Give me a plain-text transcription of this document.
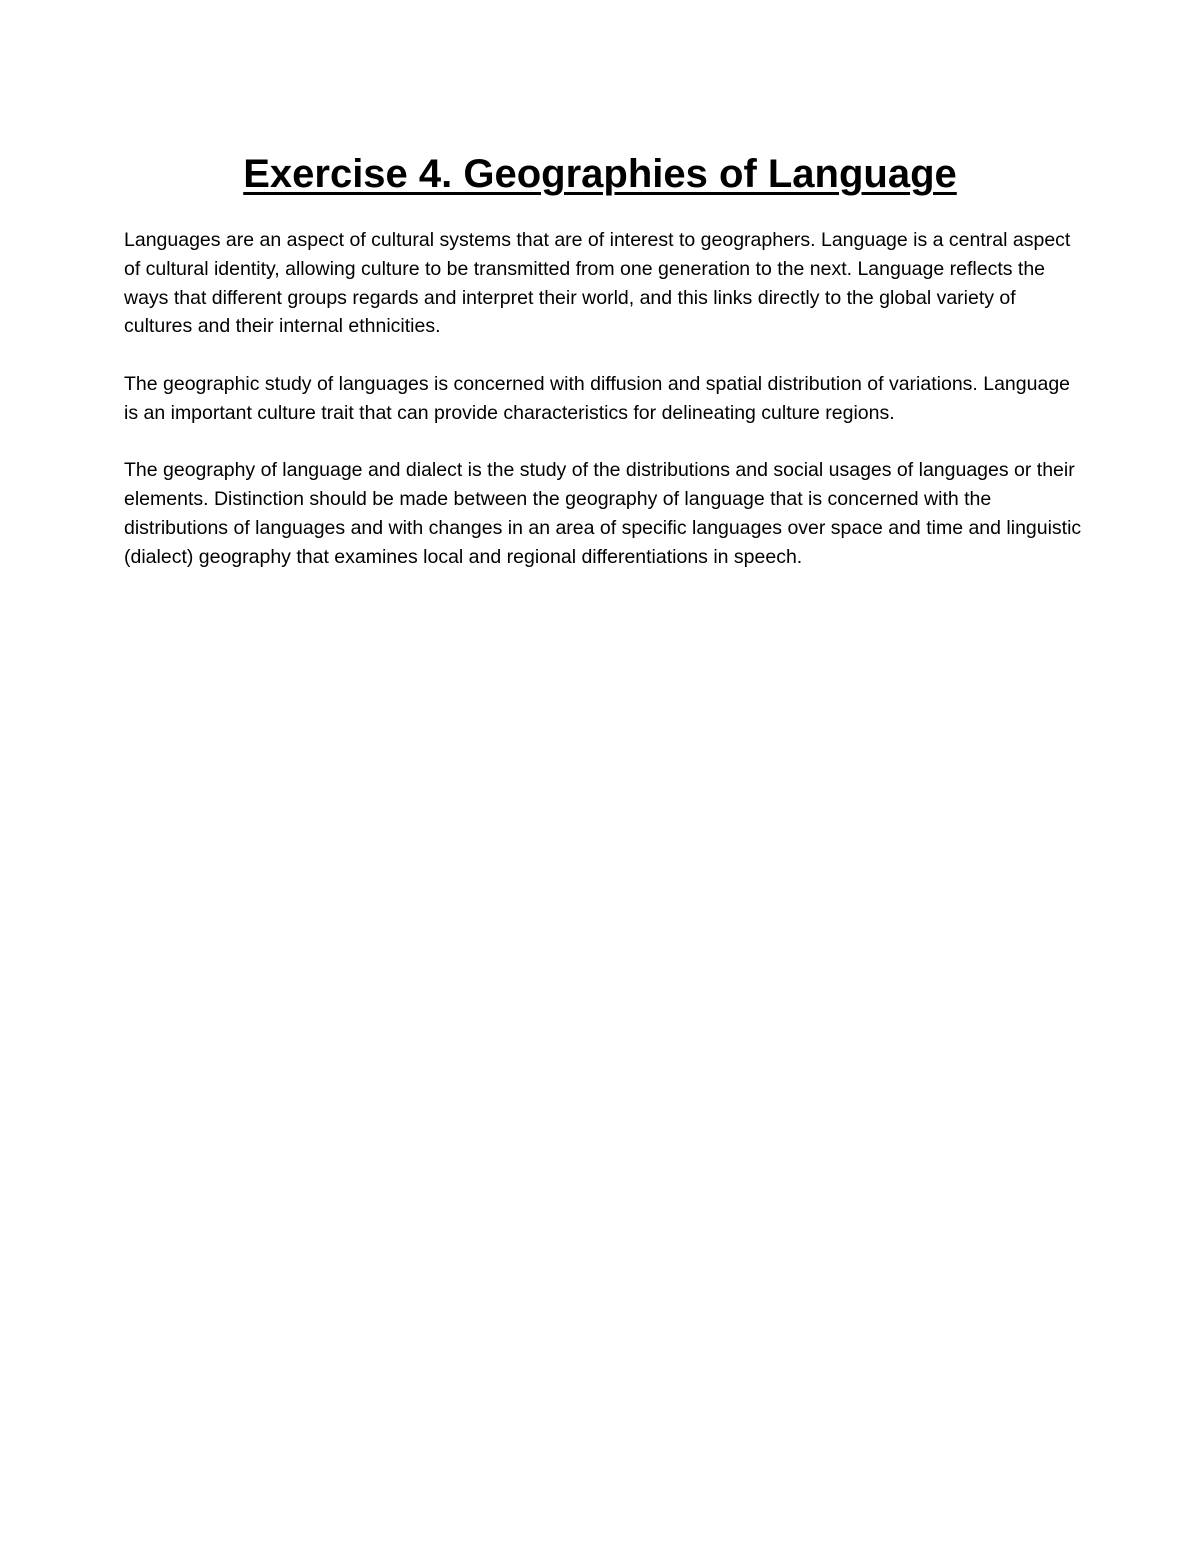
Exercise 4. Geographies of Language

Languages are an aspect of cultural systems that are of interest to geographers. Language is a central aspect of cultural identity, allowing culture to be transmitted from one generation to the next. Language reflects the ways that different groups regards and interpret their world, and this links directly to the global variety of cultures and their internal ethnicities.

The geographic study of languages is concerned with diffusion and spatial distribution of variations. Language is an important culture trait that can provide characteristics for delineating culture regions.

The geography of language and dialect is the study of the distributions and social usages of languages or their elements. Distinction should be made between the geography of language that is concerned with the distributions of languages and with changes in an area of specific languages over space and time and linguistic (dialect) geography that examines local and regional differentiations in speech.
